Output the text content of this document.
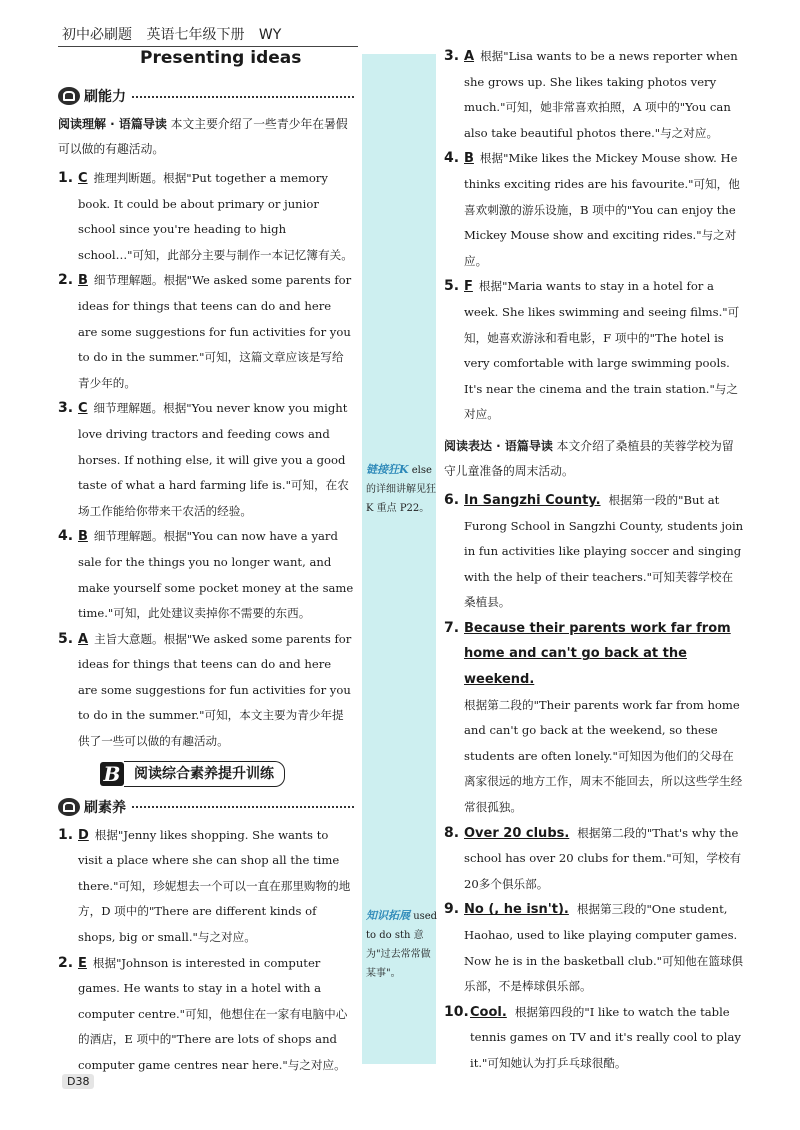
初中必刷题 英语七年级下册 WY
Presenting ideas
链接狂K else 的详细讲解见狂 K 重点 P22。
知识拓展 used to do sth 意为"过去常常做某事"。
刷能力
阅读理解 · 语篇导读 本文主要介绍了一些青少年在暑假可以做的有趣活动。
1. C 推理判断题。根据"Put together a memory book. It could be about primary or junior school since you're heading to high school…"可知，此部分主要与制作一本记忆簿有关。
2. B 细节理解题。根据"We asked some parents for ideas for things that teens can do and here are some suggestions for fun activities for you to do in the summer."可知，这篇文章应该是写给青少年的。
3. C 细节理解题。根据"You never know you might love driving tractors and feeding cows and horses. If nothing else, it will give you a good taste of what a hard farming life is."可知，在农场工作能给你带来干农活的经验。
4. B 细节理解题。根据"You can now have a yard sale for the things you no longer want, and make yourself some pocket money at the same time."可知，此处建议卖掉你不需要的东西。
5. A 主旨大意题。根据"We asked some parents for ideas for things that teens can do and here are some suggestions for fun activities for you to do in the summer."可知，本文主要为青少年提供了一些可以做的有趣活动。
B 阅读综合素养提升训练
刷素养
1. D 根据"Jenny likes shopping. She wants to visit a place where she can shop all the time there."可知，珍妮想去一个可以一直在那里购物的地方，D 项中的"There are different kinds of shops, big or small."与之对应。
2. E 根据"Johnson is interested in computer games. He wants to stay in a hotel with a computer centre."可知，他想住在一家有电脑中心的酒店，E 项中的"There are lots of shops and computer game centres near here."与之对应。
3. A 根据"Lisa wants to be a news reporter when she grows up. She likes taking photos very much."可知，她非常喜欢拍照，A 项中的"You can also take beautiful photos there."与之对应。
4. B 根据"Mike likes the Mickey Mouse show. He thinks exciting rides are his favourite."可知，他喜欢刺激的游乐设施，B 项中的"You can enjoy the Mickey Mouse show and exciting rides."与之对应。
5. F 根据"Maria wants to stay in a hotel for a week. She likes swimming and seeing films."可知，她喜欢游泳和看电影，F 项中的"The hotel is very comfortable with large swimming pools. It's near the cinema and the train station."与之对应。
阅读表达 · 语篇导读 本文介绍了桑植县的芙蓉学校为留守儿童准备的周末活动。
6. In Sangzhi County. 根据第一段的"But at Furong School in Sangzhi County, students join in fun activities like playing soccer and singing with the help of their teachers."可知芙蓉学校在桑植县。
7. Because their parents work far from home and can't go back at the weekend.
根据第二段的"Their parents work far from home and can't go back at the weekend, so these students are often lonely."可知因为他们的父母在离家很远的地方工作，周末不能回去，所以这些学生经常很孤独。
8. Over 20 clubs. 根据第二段的"That's why the school has over 20 clubs for them."可知，学校有20多个俱乐部。
9. No (, he isn't). 根据第三段的"One student, Haohao, used to like playing computer games. Now he is in the basketball club."可知他在篮球俱乐部，不是棒球俱乐部。
10. Cool. 根据第四段的"I like to watch the table tennis games on TV and it's really cool to play it."可知她认为打乒乓球很酷。
D38
